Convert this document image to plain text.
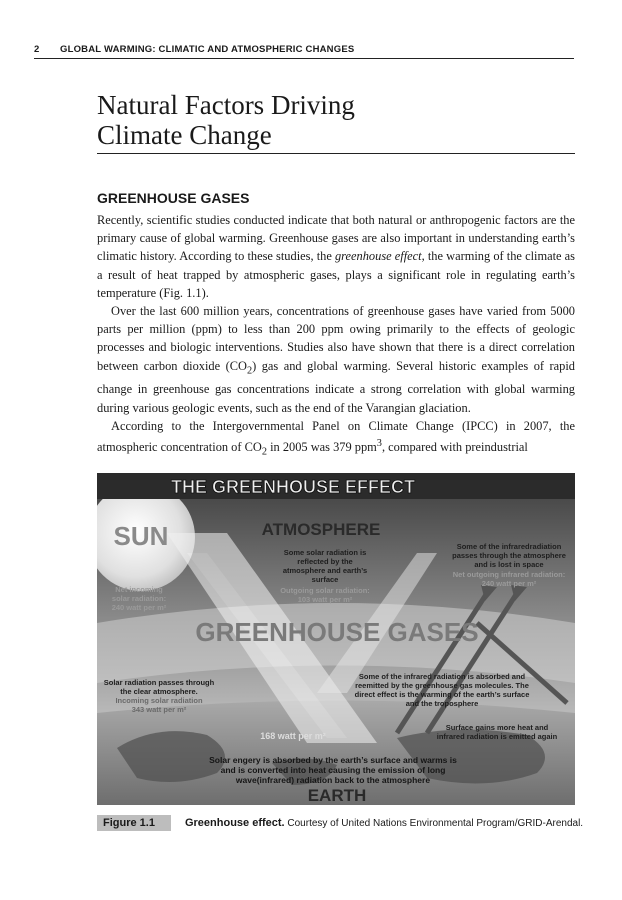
2 GLOBAL WARMING: CLIMATIC AND ATMOSPHERIC CHANGES
Natural Factors Driving
Climate Change
GREENHOUSE GASES

Recently, scientific studies conducted indicate that both natural or anthropogenic factors are the primary cause of global warming. Greenhouse gases are also important in understanding earth’s climatic history. According to these studies, the greenhouse effect, the warming of the climate as a result of heat trapped by atmospheric gases, plays a significant role in regulating earth’s temperature (Fig. 1.1).

Over the last 600 million years, concentrations of greenhouse gases have varied from 5000 parts per million (ppm) to less than 200 ppm owing primarily to the effects of geologic processes and biologic interventions. Studies also have shown that there is a direct correlation between carbon dioxide $(CO_2)$ gas and global warming. Several historic examples of rapid change in greenhouse gas concentrations indicate a strong correlation with global warming during various geologic events, such as the end of the Varangian glaciation.

According to the Intergovernmental Panel on Climate Change (IPCC) in 2007, the atmospheric concentration of $CO_2$ in 2005 was 379 ppm$^3$, compared with preindustrial

THE GREENHOUSE EFFECT
SUN	ATMOSPHERE
GREENHOUSE GASES
EARTH
Net incoming
solar radiation:
240 watt per m²
Some solar radiation is
reflected by the
atmosphere and earth’s
surface
Outgoing solar radiation:
103 watt per m²
Some of the infraredradiation
passes through the atmosphere
and is lost in space
Net outgoing infrared radiation:
240 watt per m²
Solar radiation passes through
the clear atmosphere.
Incoming solar radiation
343 watt per m²
Some of the infrared radiation is absorbed and
reemitted by the greenhouse gas molecules. The
direct effect is the warming of the earth’s surface
and the troposphere
Surface gains more heat and
infrared radiation is emitted again
168 watt per m²
Solar engery is absorbed by the earth’s surface and warms is
and is converted into heat causing the emission of long
wave(infrared) radiation back to the atmosphere
Figure 1.1	Greenhouse effect. Courtesy of United Nations Environmental Program/GRID-Arendal.
